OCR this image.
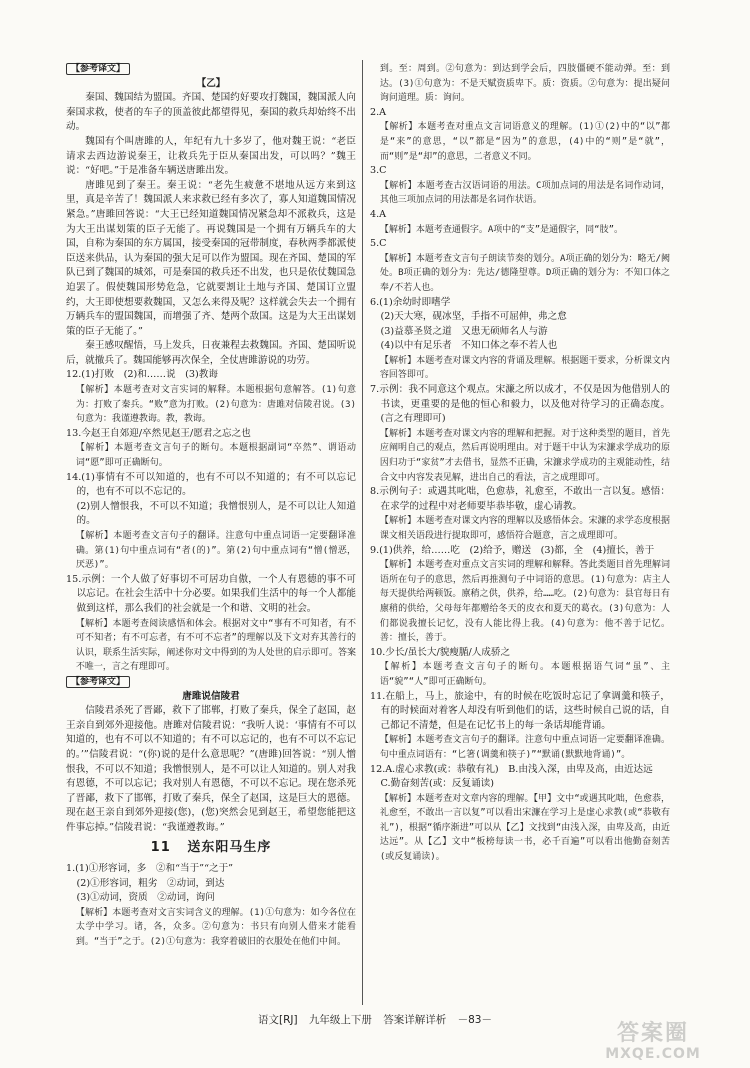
【参考译文】

【乙】

秦国、魏国结为盟国。齐国、楚国约好要攻打魏国，魏国派人向秦国求救，使者的车子的顶盖彼此都望得见，秦国的救兵却始终不出动。

魏国有个叫唐雎的人，年纪有九十多岁了，他对魏王说：“老臣请求去西边游说秦王，让救兵先于臣从秦国出发，可以吗？”魏王说：“好吧。”于是准备车辆送唐雎出发。

唐雎见到了秦王。秦王说：“老先生疲惫不堪地从远方来到这里，真是辛苦了！魏国派人来求救已经有多次了，寡人知道魏国情况紧急。”唐雎回答说：“大王已经知道魏国情况紧急却不派救兵，这是为大王出谋划策的臣子无能了。再说魏国是一个拥有万辆兵车的大国，自称为秦国的东方属国，接受秦国的冠带制度，春秋两季都派使臣送来供品，认为秦国的强大足可以作为盟国。现在齐国、楚国的军队已到了魏国的城郊，可是秦国的救兵还不出发，也只是依仗魏国急迫罢了。假使魏国形势危急，它就要割让土地与齐国、楚国订立盟约，大王即使想要救魏国，又怎么来得及呢？这样就会失去一个拥有万辆兵车的盟国魏国，而增强了齐、楚两个敌国。这是为大王出谋划策的臣子无能了。”

秦王感叹醒悟，马上发兵，日夜兼程去救魏国。齐国、楚国听说后，就撤兵了。魏国能够再次保全，全仗唐雎游说的功劳。

12.(1)打败　(2)和……说　(3)教诲

【解析】本题考查对文言实词的解释。本题根据句意解答。(1)句意为：打败了秦兵。“败”意为打败。(2)句意为：唐雎对信陵君说。(3)句意为：我谨遵教诲。教，教诲。

13.今赵王自郊迎/卒然见赵王/愿君之忘之也

【解析】本题考查文言句子的断句。本题根据副词“卒然”、谓语动词“愿”即可正确断句。

14.(1)事情有不可以知道的，也有不可以不知道的；有不可以忘记的，也有不可以不忘记的。

(2)别人憎恨我，不可以不知道；我憎恨别人，是不可以让人知道的。

【解析】本题考查文言句子的翻译。注意句中重点词语一定要翻译准确。第(1)句中重点词有“者(的)”。第(2)句中重点词有“憎(憎恶，厌恶)”。

15.示例：一个人做了好事切不可居功自傲，一个人有恩德的事不可以忘记。在社会生活中十分必要。如果我们生活中的每一个人都能做到这样，那么我们的社会就是一个和谐、文明的社会。

【解析】本题考查阅读感悟和体会。根据对文中“事有不可知者，有不可不知者；有不可忘者，有不可不忘者”的理解以及下文对弃其善行的认识，联系生活实际，阐述你对文中得到的为人处世的启示即可。答案不唯一，言之有理即可。

【参考译文】

唐雎说信陵君

信陵君杀死了晋鄙，救下了邯郸，打败了秦兵，保全了赵国，赵王亲自到郊外迎接他。唐雎对信陵君说：“我听人说：‘事情有不可以知道的，也有不可以不知道的；有不可以忘记的，也有不可以不忘记的。’”信陵君说：“(你)说的是什么意思呢？”(唐雎)回答说：“别人憎恨我，不可以不知道；我憎恨别人，是不可以让人知道的。别人对我有恩德，不可以忘记；我对别人有恩德，不可以不忘记。现在您杀死了晋鄙，救下了邯郸，打败了秦兵，保全了赵国，这是巨大的恩德。现在赵王亲自到郊外迎接(您)，(您)突然会见到赵王，希望您能把这件事忘掉。”信陵君说：“我谨遵教诲。”

11 送东阳马生序

1.(1)①形容词，多　②和“当于”“之于”

(2)①形容词，粗劣　②动词，到达

(3)①动词，资质　②动词，询问

【解析】本题考查对文言实词含义的理解。(1)①句意为：如今各位在太学中学习。诸，各，众多。②句意为：书只有向别人借来才能看到。“当于”之于。(2)①句意为：我穿着破旧的衣服处在他们中间。

到。至：周到。②句意为：到达到学会后，四肢僵硬不能动弹。至：到达。(3)①句意为：不是天赋资质卑下。质：资质。②句意为：提出疑问询问道理。质：询问。

2.A

【解析】本题考查对重点文言词语意义的理解。(1)①(2)中的“以”都是“来”的意思，“以”都是“因为”的意思，(4)中的“则”是“就”，而“则”是“却”的意思，二者意义不同。

3.C

【解析】本题考查古汉语词语的用法。C项加点词的用法是名词作动词，其他三项加点词的用法都是名词作状语。

4.A

【解析】本题考查通假字。A项中的“支”是通假字，同“肢”。

5.C

【解析】本题考查文言句子朗读节奏的划分。A项正确的划分为：略无/阙处。B项正确的划分为：先达/德隆望尊。D项正确的划分为：不知口体之奉/不若人也。

6.(1)余幼时即嗜学

(2)天大寒，砚冰坚，手指不可屈伸，弗之怠

(3)益慕圣贤之道　又患无硕师名人与游

(4)以中有足乐者　不知口体之奉不若人也

【解析】本题考查对课文内容的背诵及理解。根据题干要求，分析课文内容回答即可。

7.示例：我不同意这个观点。宋濂之所以成才，不仅是因为他借别人的书读，更重要的是他的恒心和毅力，以及他对待学习的正确态度。(言之有理即可)

【解析】本题考查对课文内容的理解和把握。对于这种类型的题目，首先应阐明自己的观点，然后再说明理由。对于题干中认为宋濂求学成功的原因归功于“家贫”才去借书，显然不正确，宋濂求学成功的主观能动性，结合文中内容发表见解，进出自己的看法，言之成理即可。

8.示例句子：或遇其叱咄，色愈恭，礼愈至，不敢出一言以复。感悟：在求学的过程中对老师要毕恭毕敬，虚心请教。

【解析】本题考查对课文内容的理解以及感悟体会。宋濂的求学态度根据课文相关语段进行提取即可，感悟符合题意，言之成理即可。

9.(1)供养，给……吃　(2)给予，赠送　(3)都，全　(4)擅长，善于

【解析】本题考查对重点文言实词的理解和解释。答此类题目首先理解词语所在句子的意思，然后再推测句子中词语的意思。(1)句意为：店主人每天提供给两顿饭。廪稍之供，供养，给……吃。(2)句意为：县官每日有廪稍的供给，父母每年都赠给冬天的皮衣和夏天的葛衣。(3)句意为：人们都说我擅长记忆，没有人能比得上我。(4)句意为：他不善于记忆。善：擅长，善于。

10.少长/虽长大/貌瘦腯/人成骄之

【解析】本题考查文言句子的断句。本题根据语气词“虽”、主语“貌”“人”即可正确断句。

11.在船上，马上，旅途中，有的时候在吃饭时忘记了拿调羹和筷子，有的时候面对着客人却没有听到他们的话，这些时候自己说的话，自己都记不清楚，但是在记忆书上的每一条话却能背诵。

【解析】本题考查文言句子的翻译。注意句中重点词语一定要翻译准确。句中重点词语有：“匕箸(调羹和筷子)”“默诵(默默地背诵)”。

12.A.虚心求教(或：恭敬有礼)　B.由浅入深，由卑及高，由近达远

C.勤奋刻苦(或：反复诵读)

【解析】本题考查对文章内容的理解。【甲】文中“或遇其叱咄，色愈恭，礼愈至，不敢出一言以复”可以看出宋濂在学习上是虚心求教(或“恭敬有礼”)，根据“循序渐进”可以从【乙】文找到“由浅入深，由卑及高，由近达远”。从【乙】文中“板榜每读一书，必千百遍”可以看出他勤奋刻苦(或反复诵读)。

语文[RJ] 九年级上下册 答案详解详析 －83－
答案圈
MXQE.COM
